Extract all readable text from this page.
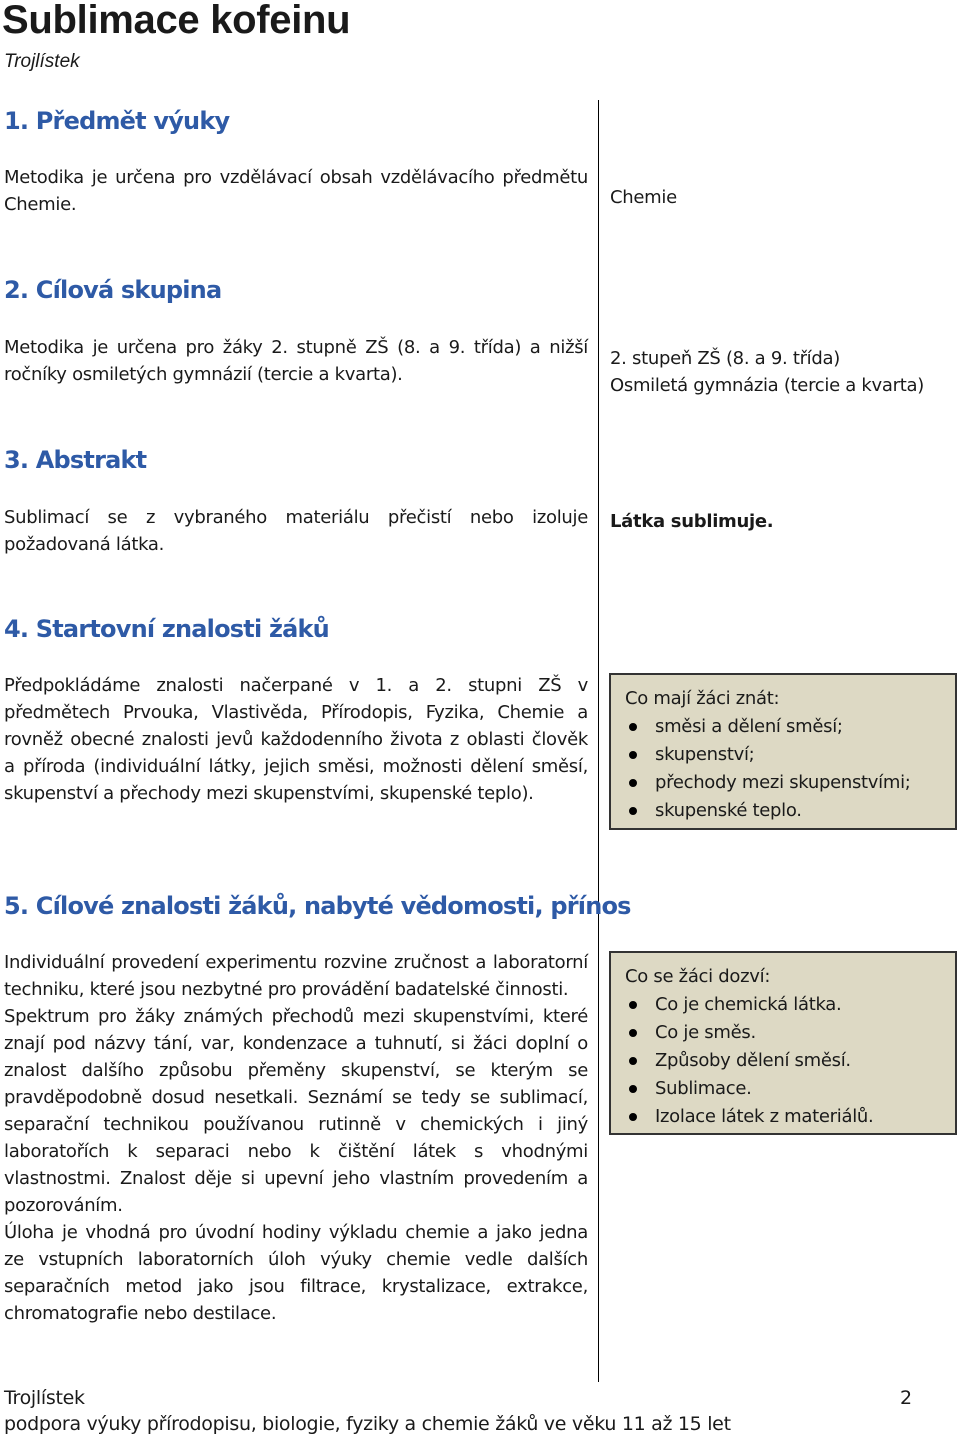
Sublimace kofeinu
Trojlístek
1. Předmět výuky
Metodika je určena pro vzdělávací obsah vzdělávacího předmětu Chemie.	Chemie
2. Cílová skupina
Metodika je určena pro žáky 2. stupně ZŠ (8. a 9. třída) a nižší ročníky osmiletých gymnázií (tercie a kvarta).
2. stupeň ZŠ (8. a 9. třída)
Osmiletá gymnázia (tercie a kvarta)
3. Abstrakt
Sublimací se z vybraného materiálu přečistí nebo izoluje požadovaná látka.
Látka sublimuje.
4. Startovní znalosti žáků
Předpokládáme znalosti načerpané v 1. a 2. stupni ZŠ v předmětech Prvouka, Vlastivěda, Přírodopis, Fyzika, Chemie a rovněž obecné znalosti jevů každodenního života z oblasti člověk a příroda (individuální látky, jejich směsi, možnosti dělení směsí, skupenství a přechody mezi skupenstvími, skupenské teplo).
Co mají žáci znát:
směsi a dělení směsí;
skupenství;
přechody mezi skupenstvími;
skupenské teplo.
5. Cílové znalosti žáků, nabyté vědomosti, přínos

Individuální provedení experimentu rozvine zručnost a laboratorní techniku, které jsou nezbytné pro provádění badatelské činnosti.

Spektrum pro žáky známých přechodů mezi skupenstvími, které znají pod názvy tání, var, kondenzace a tuhnutí, si žáci doplní o znalost dalšího způsobu přeměny skupenství, se kterým se pravděpodobně dosud nesetkali. Seznámí se tedy se sublimací, separační technikou používanou rutinně v chemických i jiný laboratořích k separaci nebo k čištění látek s vhodnými vlastnostmi. Znalost děje si upevní jeho vlastním provedením a pozorováním.

Úloha je vhodná pro úvodní hodiny výkladu chemie a jako jedna ze vstupních laboratorních úloh výuky chemie vedle dalších separačních metod jako jsou filtrace, krystalizace, extrakce, chromatografie nebo destilace.

Co se žáci dozví:
Co je chemická látka.
Co je směs.
Způsoby dělení směsí.
Sublimace.
Izolace látek z materiálů.
Trojlístek	2
podpora výuky přírodopisu, biologie, fyziky a chemie žáků ve věku 11 až 15 let
